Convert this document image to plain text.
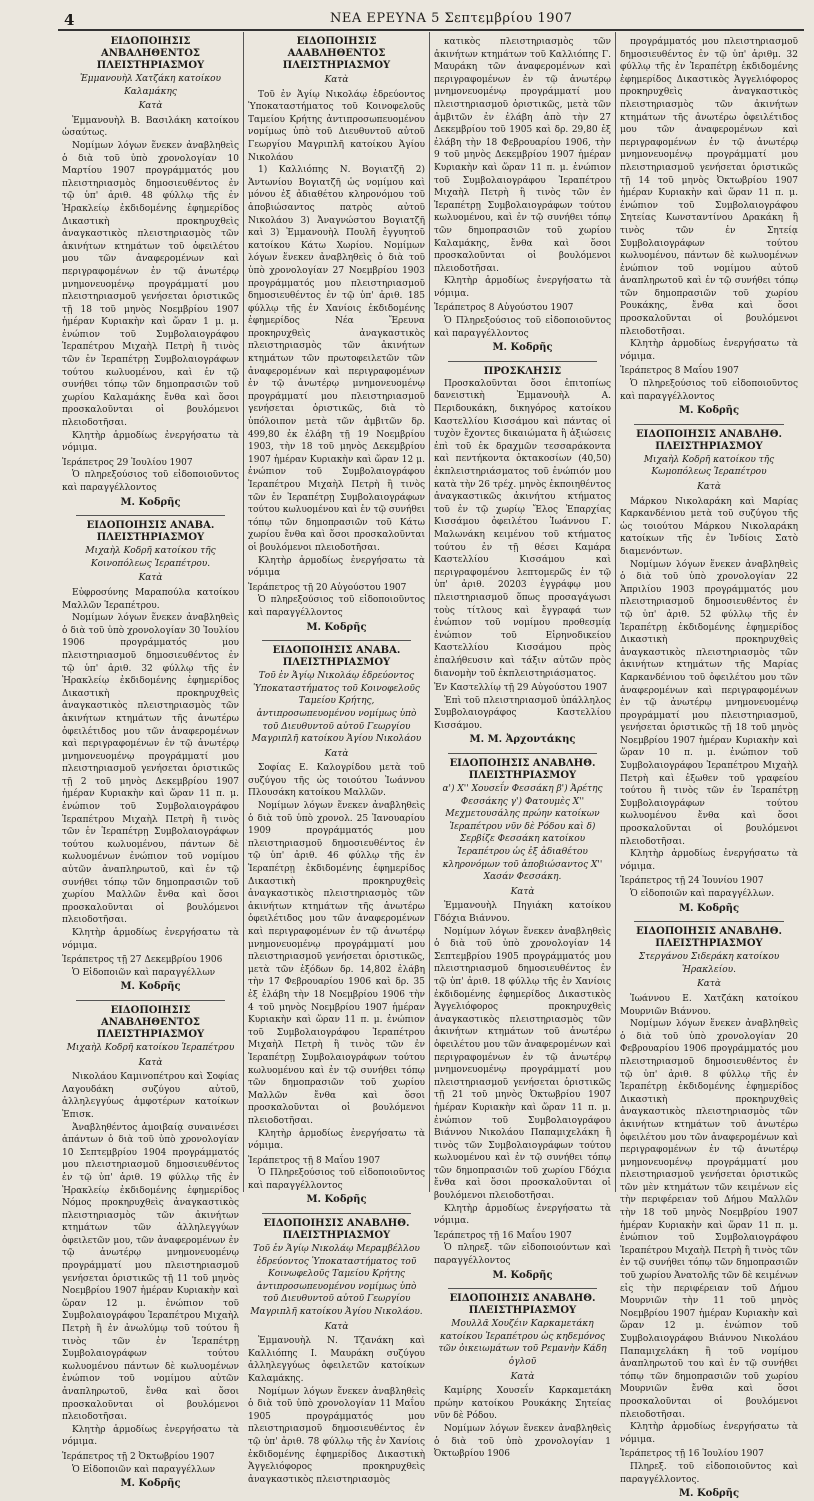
4	ΝΕΑ ΕΡΕΥΝΑ 5 Σεπτεμβρίου 1907
ΕΙΔΟΠΟΙΗΣΙΣ ΑΝΒΑΛΗΘΕΝΤΟΣ ΠΛΕΙΣΤΗΡΙΑΣΜΟΥ
Ἐμμανουὴλ Χατζάκη κατοίκου Καλαμάκης
Κατὰ
Ἐμμανουὴλ Β. Βασιλάκη κατοίκου ὡσαύτως.
Νομίμων λόγων ἕνεκεν ἀναβληθεὶς ὁ διὰ τοῦ ὑπὸ χρονολογίαν 10 Μαρτίου 1907 προγράμματός μου πλειστηριασμὸς δημοσιευθέντος ἐν τῷ ὑπ' ἀριθ. 48 φύλλῳ τῆς ἐν Ἡρακλείῳ ἐκδιδομένης ἐφημερίδος Δικαστικὴ προκηρυχθεὶς ἀναγκαστικὸς πλειστηριασμὸς τῶν ἀκινήτων κτημάτων τοῦ ὀφειλέτου μου τῶν ἀναφερομένων καὶ περιγραφομένων ἐν τῷ ἀνωτέρῳ μνημονευομένῳ προγράμματί μου πλειστηριασμοῦ γενήσεται ὁριστικῶς τῇ 18 τοῦ μηνὸς Νοεμβρίου 1907 ἡμέραν Κυριακὴν καὶ ὥραν 1 μ. μ. ἐνώπιον τοῦ Συμβολαιογράφου Ἱεραπέτρου Μιχαὴλ Πετρὴ ἢ τινὸς τῶν ἐν Ἱεραπέτρῃ Συμβολαιογράφων τούτου κωλυομένου, καὶ ἐν τῷ συνήθει τόπῳ τῶν δημοπρασιῶν τοῦ χωρίου Καλαμάκης ἔνθα καὶ ὅσοι προσκαλοῦνται οἱ βουλόμενοι πλειοδοτῆσαι.
Κλητὴρ ἁρμοδίως ἐνεργήσατω τὰ νόμιμα.
Ἱεράπετρος 29 Ἰουλίου 1907
Ὁ πληρεξούσιος τοῦ εἰδοποιοῦντος καὶ παραγγέλλοντος
Μ. Κοδρῆς
ΕΙΔΟΠΟΙΗΣΙΣ ΑΝΑΒΑ. ΠΛΕΙΣΤΗΡΙΑΣΜΟΥ
Μιχαὴλ Κοδρῆ κατοίκου τῆς Κοινοπόλεως Ἱεραπέτρου.
Κατὰ
Εὐφροσύνης Μαραπούλα κατοίκου Μαλλῶν Ἱεραπέτρου.
Νομίμων λόγων ἕνεκεν ἀναβληθεὶς ὁ διὰ τοῦ ὑπὸ χρονολογίαν 30 Ἰουλίου 1906 προγράμματός μου πλειστηριασμοῦ δημοσιευθέντος ἐν τῷ ὑπ' ἀριθ. 32 φύλλῳ τῆς ἐν Ἡρακλείῳ ἐκδιδομένης ἐφημερίδος Δικαστικὴ προκηρυχθεὶς ἀναγκαστικὸς πλειστηριασμὸς τῶν ἀκινήτων κτημάτων τῆς ἀνωτέρω ὀφειλέτιδος μου τῶν ἀναφερομένων καὶ περιγραφομένων ἐν τῷ ἀνωτέρῳ μνημονευομένῳ προγράμματί μου πλειστηριασμοῦ γενήσεται ὁριστικῶς τῇ 2 τοῦ μηνὸς Δεκεμβρίου 1907 ἡμέραν Κυριακὴν καὶ ὥραν 11 π. μ. ἐνώπιον τοῦ Συμβολαιογράφου Ἱεραπέτρου Μιχαὴλ Πετρὴ ἢ τινὸς τῶν ἐν Ἱεραπέτρῃ Συμβολαιογράφων τούτου κωλυομένου, πάντων δὲ κωλυομένων ἐνώπιον τοῦ νομίμου αὐτῶν ἀναπληρωτοῦ, καὶ ἐν τῷ συνήθει τόπῳ τῶν δημοπρασιῶν τοῦ χωρίου Μαλλῶν ἔνθα καὶ ὅσοι προσκαλοῦνται οἱ βουλόμενοι πλειοδοτῆσαι.
Κλητὴρ ἁρμοδίως ἐνεργήσατω τὰ νόμιμα.
Ἱεράπετρος τῇ 27 Δεκεμβρίου 1906
Ὁ Εἰδοποιῶν καὶ παραγγέλλων
Μ. Κοδρῆς
ΕΙΔΟΠΟΙΗΣΙΣ ΑΝΑΒΛΗΘΕΝΤΟΣ ΠΛΕΙΣΤΗΡΙΑΣΜΟΥ
Μιχαὴλ Κοδρῆ κατοίκου Ἱεραπέτρου
Κατὰ
Νικολάου Καμινοπέτρου καὶ Σοφίας Λαγουδάκη συζύγου αὐτοῦ, ἀλληλεγγύως ἀμφοτέρων κατοίκων Ἐπισκ.
Ἀναβληθέντος ἀμοιβαίᾳ συναινέσει ἀπάντων ὁ διὰ τοῦ ὑπὸ χρονολογίαν 10 Σεπτεμβρίου 1904 προγράμματός μου πλειστηριασμοῦ δημοσιευθέντος ἐν τῷ ὑπ' ἀριθ. 19 φύλλῳ τῆς ἐν Ἡρακλείῳ ἐκδιδομένης ἐφημερίδος Νόμος προκηρυχθεὶς ἀναγκαστικὸς πλειστηριασμὸς τῶν ἀκινήτων κτημάτων τῶν ἀλληλεγγύων ὀφειλετῶν μου, τῶν ἀναφερομένων ἐν τῷ ἀνωτέρῳ μνημονευομένῳ προγράμματί μου πλειστηριασμοῦ γενήσεται ὁριστικῶς τῇ 11 τοῦ μηνὸς Νοεμβρίου 1907 ἡμέραν Κυριακὴν καὶ ὥραν 12 μ. ἐνώπιον τοῦ Συμβολαιογράφου Ἱεραπέτρου Μιχαὴλ Πετρὴ ἢ ἐν ἀνωλύμῳ τοῦ τούτου ἢ τινὸς τῶν ἐν Ἱεραπέτρῃ Συμβολαιογράφων τούτου κωλυομένου πάντων δὲ κωλυομένων ἐνώπιον τοῦ νομίμου αὐτῶν ἀναπληρωτοῦ, ἔνθα καὶ ὅσοι προσκαλοῦνται οἱ βουλόμενοι πλειοδοτῆσαι.
Κλητὴρ ἁρμοδίως ἐνεργήσατω τὰ νόμιμα.
Ἱεράπετρος τῇ 2 Ὀκτωβρίου 1907
Ὁ Εἰδοποιῶν καὶ παραγγέλλων
Μ. Κοδρῆς
ΕΙΔΟΠΟΙΗΣΙΣ ΑΑΑΒΛΗΘΕΝΤΟΣ ΠΛΕΙΣΤΗΡΙΑΣΜΟΥ
Κατὰ
Τοῦ ἐν Ἁγίῳ Νικολάῳ ἑδρεύοντος Ὑποκαταστήματος τοῦ Κοινοφελοῦς Ταμείου Κρήτης ἀντιπροσωπευομένου νομίμως ὑπὸ τοῦ Διευθυντοῦ αὐτοῦ Γεωργίου Μαγριπλῆ κατοίκου Ἁγίου Νικολάου
1) Καλλιόπης Ν. Βογιατζῆ 2) Ἀντωνίου Βογιατζῆ ὡς νομίμου καὶ μόνου ἐξ ἀδιαθέτου κληρονόμου τοῦ ἀποβιώσαντος πατρὸς αὐτοῦ Νικολάου 3) Ἀναγνώστου Βογιατζῆ καὶ 3) Ἐμμανουὴλ Πουλῆ ἐγγυητοῦ κατοίκου Κάτω Χωρίου. Νομίμων λόγων ἕνεκεν ἀναβληθεὶς ὁ διὰ τοῦ ὑπὸ χρονολογίαν 27 Νοεμβρίου 1903 προγράμματός μου πλειστηριασμοῦ δημοσιευθέντος ἐν τῷ ὑπ' ἀριθ. 185 φύλλῳ τῆς ἐν Χανίοις ἐκδιδομένης ἐφημερίδος Νέα Ἔρευνα προκηρυχθεὶς ἀναγκαστικὸς πλειστηριασμὸς τῶν ἀκινήτων κτημάτων τῶν πρωτοφειλετῶν τῶν ἀναφερομένων καὶ περιγραφομένων ἐν τῷ ἀνωτέρῳ μνημονευομένῳ προγράμματί μου πλειστηριασμοῦ γενήσεται ὁριστικῶς, διὰ τὸ ὑπόλοιπον μετὰ τῶν ἀμβιτῶν δρ. 499,80 ἐκ ἐλάβη τῇ 19 Νοεμβρίου 1903, τὴν 18 τοῦ μηνὸς Δεκεμβρίου 1907 ἡμέραν Κυριακὴν καὶ ὥραν 12 μ. ἐνώπιον τοῦ Συμβολαιογράφου Ἱεραπέτρου Μιχαὴλ Πετρὴ ἢ τινὸς τῶν ἐν Ἱεραπέτρῃ Συμβολαιογράφων τούτου κωλυομένου καὶ ἐν τῷ συνήθει τόπῳ τῶν δημοπρασιῶν τοῦ Κάτω χωρίου ἔνθα καὶ ὅσοι προσκαλοῦνται οἱ βουλόμενοι πλειοδοτῆσαι.
Κλητὴρ ἁρμοδίως ἐνεργήσατω τὰ νόμιμα
Ἱεράπετρος τῇ 20 Αὐγούστου 1907
Ὁ πληρεξούσιος τοῦ εἰδοποιοῦντος καὶ παραγγέλλοντος
Μ. Κοδρῆς
ΕΙΔΟΠΟΙΗΣΙΣ ΑΝΑΒΑ. ΠΛΕΙΣΤΗΡΙΑΣΜΟΥ
Τοῦ ἐν Ἁγίῳ Νικολάῳ ἑδρεύοντος Ὑποκαταστήματος τοῦ Κοινοφελοῦς Ταμείου Κρήτης, ἀντιπροσωπευομένου νομίμως ὑπὸ τοῦ Διευθυντοῦ αὐτοῦ Γεωργίου Μαγριπλῆ κατοίκου Ἁγίου Νικολάου
Κατὰ
Σοφίας Ε. Καλογρίδου μετὰ τοῦ συζύγου τῆς ὡς τοιούτου Ἰωάννου Πλουσάκη κατοίκου Μαλλῶν.
Νομίμων λόγων ἕνεκεν ἀναβληθεὶς ὁ διὰ τοῦ ὑπὸ χρονολ. 25 Ἰανουαρίου 1909 προγράμματός μου πλειστηριασμοῦ δημοσιευθέντος ἐν τῷ ὑπ' ἀριθ. 46 φύλλῳ τῆς ἐν Ἱεραπέτρῃ ἐκδιδομένης ἐφημερίδος Δικαστικὴ προκηρυχθεὶς ἀναγκαστικὸς πλειστηριασμὸς τῶν ἀκινήτων κτημάτων τῆς ἀνωτέρω ὀφειλέτιδος μου τῶν ἀναφερομένων καὶ περιγραφομένων ἐν τῷ ἀνωτέρῳ μνημονευομένῳ προγράμματί μου πλειστηριασμοῦ γενήσεται ὁριστικῶς, μετὰ τῶν ἐξόδων δρ. 14,802 ἐλάβη τὴν 17 Φεβρουαρίου 1906 καὶ δρ. 35 ἐξ ἐλάβη τὴν 18 Νοεμβρίου 1906 τὴν 4 τοῦ μηνὸς Νοεμβρίου 1907 ἡμέραν Κυριακὴν καὶ ὥραν 11 π. μ. ἐνώπιον τοῦ Συμβολαιογράφου Ἱεραπέτρου Μιχαὴλ Πετρὴ ἢ τινὸς τῶν ἐν Ἱεραπέτρῃ Συμβολαιογράφων τούτου κωλυομένου καὶ ἐν τῷ συνήθει τόπῳ τῶν δημοπρασιῶν τοῦ χωρίου Μαλλῶν ἔνθα καὶ ὅσοι προσκαλοῦνται οἱ βουλόμενοι πλειοδοτῆσαι.
Κλητὴρ ἁρμοδίως ἐνεργήσατω τὰ νόμιμα.
Ἱεράπετρος τῇ 8 Μαΐου 1907
Ὁ Πληρεξούσιος τοῦ εἰδοποιοῦντος καὶ παραγγέλλοντος
Μ. Κοδρῆς
ΕΙΔΟΠΟΙΗΣΙΣ ΑΝΑΒΛΗΘ. ΠΛΕΙΣΤΗΡΙΑΣΜΟΥ
Τοῦ ἐν Ἁγίῳ Νικολάῳ Μεραμβέλλου ἑδρεύοντος Ὑποκαταστήματος τοῦ Κοινωφελοῦς Ταμείου Κρήτης ἀντιπροσωπευομένου νομίμως ὑπὸ τοῦ Διευθυντοῦ αὐτοῦ Γεωργίου Μαγριπλῆ κατοίκου Ἁγίου Νικολάου.
Κατὰ
Ἐμμανουὴλ Ν. Τζανάκη καὶ Καλλιόπης Ι. Μαυράκη συζύγου ἀλληλεγγύως ὀφειλετῶν κατοίκων Καλαμάκης.
Νομίμων λόγων ἕνεκεν ἀναβληθεὶς ὁ διὰ τοῦ ὑπὸ χρονολογίαν 11 Μαΐου 1905 προγράμματός μου πλειστηριασμοῦ δημοσιευθέντος ἐν τῷ ὑπ' ἀριθ. 78 φύλλῳ τῆς ἐν Χανίοις ἐκδιδομένης ἐφημερίδος Δικαστικὴ Ἀγγελιόφορος προκηρυχθεὶς ἀναγκαστικὸς πλειστηριασμὸς
κατικὸς πλειστηριασμὸς τῶν ἀκινήτων κτημάτων τοῦ Καλλιόπης Γ. Μαυράκη τῶν ἀναφερομένων καὶ περιγραφομένων ἐν τῷ ἀνωτέρῳ μνημονευομένῳ προγράμματί μου πλειστηριασμοῦ ὁριστικῶς, μετὰ τῶν ἀμβιτῶν ἐν ἐλάβη ἀπὸ τὴν 27 Δεκεμβρίου τοῦ 1905 καὶ δρ. 29,80 ἐξ ἐλάβη τὴν 18 Φεβρουαρίου 1906, τὴν 9 τοῦ μηνὸς Δεκεμβρίου 1907 ἡμέραν Κυριακὴν καὶ ὥραν 11 π. μ. ἐνώπιον τοῦ Συμβολαιογράφου Ἱεραπέτρου Μιχαὴλ Πετρὴ ἢ τινὸς τῶν ἐν Ἱεραπέτρῃ Συμβολαιογράφων τούτου κωλυομένου, καὶ ἐν τῷ συνήθει τόπῳ τῶν δημοπρασιῶν τοῦ χωρίου Καλαμάκης, ἔνθα καὶ ὅσοι προσκαλοῦνται οἱ βουλόμενοι πλειοδοτῆσαι.
Κλητὴρ ἁρμοδίως ἐνεργήσατω τὰ νόμιμα.
Ἱεράπετρος 8 Αὐγούστου 1907
Ὁ Πληρεξούσιος τοῦ εἰδοποιοῦντος καὶ παραγγέλλοντος
Μ. Κοδρῆς
ΠΡΟΣΚΛΗΣΙΣ
Προσκαλοῦνται ὅσοι ἐπιτοπίως δανειστικὴ Ἐμμανουὴλ Α. Περιδουκάκη, δικηγόρος κατοίκου Καστελλίου Κισσάμου καὶ πάντας οἱ τυχὸν ἔχοντες δικαιώματα ἢ ἀξιώσεις ἐπὶ τοῦ ἐκ δραχμῶν τεσσαράκοντα καὶ πεντήκοντα ὀκτακοσίων (40,50) ἐκπλειστηριάσματος τοῦ ἐνώπιόν μου κατὰ τὴν 26 τρέχ. μηνὸς ἐκποιηθέντος ἀναγκαστικῶς ἀκινήτου κτήματος τοῦ ἐν τῷ χωρίῳ Ἔλος Ἐπαρχίας Κισσάμου ὀφειλέτου Ἰωάννου Γ. Μαλωνάκη κειμένου τοῦ κτήματος τούτου ἐν τῇ θέσει Καμάρα Καστελλίου Κισσάμου καὶ περιγραφομένου λεπτομερῶς ἐν τῷ ὑπ' ἀριθ. 20203 ἐγγράφῳ μου πλειστηριασμοῦ ὅπως προσαγάγωσι τοὺς τίτλους καὶ ἔγγραφά των ἐνώπιον τοῦ νομίμου προθεσμίᾳ ἐνώπιον τοῦ Εἰρηνοδικείου Καστελλίου Κισσάμου πρὸς ἐπαλήθευσιν καὶ τάξιν αὐτῶν πρὸς διανομὴν τοῦ ἐκπλειστηριάσματος.
Ἐν Καστελλίῳ τῇ 29 Αὐγούστου 1907
Ἐπὶ τοῦ πλειστηριασμοῦ ὑπάλληλος Συμβολαιογράφος Καστελλίου Κισσάμου.
Μ. Μ. Ἀρχοντάκης
ΕΙΔΟΠΟΙΗΣΙΣ ΑΝΑΒΛΗΘ. ΠΛΕΙΣΤΗΡΙΑΣΜΟΥ
α') Χ'' Χουσεΐν Φεσσάκη β') Ἀρέτης Φεσσάκης γ') Φατουμὲς Χ'' Μεχμετουσάλης πρώην κατοίκων Ἱεραπέτρου νῦν δὲ Ρόδου καὶ δ) Σερβίζε Φεσσάκη κατοίκου Ἱεραπέτρου ὡς ἐξ ἀδιαθέτου κληρονόμων τοῦ ἀποβιώσαντος Χ'' Χασάν Φεσσάκη.
Κατὰ
Ἐμμανουὴλ Πηγιάκη κατοίκου Γδόχια Βιάννου.
Νομίμων λόγων ἕνεκεν ἀναβληθεὶς ὁ διὰ τοῦ ὑπὸ χρονολογίαν 14 Σεπτεμβρίου 1905 προγράμματός μου πλειστηριασμοῦ δημοσιευθέντος ἐν τῷ ὑπ' ἀριθ. 18 φύλλῳ τῆς ἐν Χανίοις ἐκδιδομένης ἐφημερίδος Δικαστικὸς Ἀγγελιόφορος προκηρυχθεὶς ἀναγκαστικὸς πλειστηριασμὸς τῶν ἀκινήτων κτημάτων τοῦ ἀνωτέρω ὀφειλέτου μου τῶν ἀναφερομένων καὶ περιγραφομένων ἐν τῷ ἀνωτέρῳ μνημονευομένῳ προγράμματί μου πλειστηριασμοῦ γενήσεται ὁριστικῶς τῇ 21 τοῦ μηνὸς Ὀκτωβρίου 1907 ἡμέραν Κυριακὴν καὶ ὥραν 11 π. μ. ἐνώπιον τοῦ Συμβολαιογράφου Βιάννου Νικολάου Παπαμιχελάκη ἢ τινὸς τῶν Συμβολαιογράφων τούτου κωλυομένου καὶ ἐν τῷ συνήθει τόπῳ τῶν δημοπρασιῶν τοῦ χωρίου Γδόχια ἔνθα καὶ ὅσοι προσκαλοῦνται οἱ βουλόμενοι πλειοδοτῆσαι.
Κλητὴρ ἁρμοδίως ἐνεργήσατω τὰ νόμιμα.
Ἱεράπετρος τῇ 16 Μαΐου 1907
Ὁ πληρεξ. τῶν εἰδοποιούντων καὶ παραγγέλλοντος
Μ. Κοδρῆς
ΕΙΔΟΠΟΙΗΣΙΣ ΑΝΑΒΛΗΘ. ΠΛΕΙΣΤΗΡΙΑΣΜΟΥ
Μουλλᾶ Χουζέιν Καρκαμετάκη κατοίκου Ἱεραπέτρου ὡς κηδεμόνος τῶν ὀικειωμάτων τοῦ Ρεμανὴν Κάδη ὀγλοῦ
Κατὰ
Καμίρης Χουσεΐν Καρκαμετάκη πρώην κατοίκου Ρουκάκης Σητείας νῦν δὲ Ρόδου.
Νομίμων λόγων ἕνεκεν ἀναβληθεὶς ὁ διὰ τοῦ ὑπὸ χρονολογίαν 1 Ὀκτωβρίου 1906
προγράμματός μου πλειστηριασμοῦ δημοσιευθέντος ἐν τῷ ὑπ' ἀριθμ. 32 φύλλῳ τῆς ἐν Ἱεραπέτρῃ ἐκδιδομένης ἐφημερίδος Δικαστικὸς Ἀγγελιόφορος προκηρυχθεὶς ἀναγκαστικὸς πλειστηριασμὸς τῶν ἀκινήτων κτημάτων τῆς ἀνωτέρω ὀφειλέτιδος μου τῶν ἀναφερομένων καὶ περιγραφομένων ἐν τῷ ἀνωτέρῳ μνημονευομένῳ προγράμματί μου πλειστηριασμοῦ γενήσεται ὁριστικῶς τῇ 14 τοῦ μηνὸς Ὀκτωβρίου 1907 ἡμέραν Κυριακὴν καὶ ὥραν 11 π. μ. ἐνώπιον τοῦ Συμβολαιογράφου Σητείας Κωνσταντίνου Δρακάκη ἢ τινὸς τῶν ἐν Σητείᾳ Συμβολαιογράφων τούτου κωλυομένου, πάντων δὲ κωλυομένων ἐνώπιον τοῦ νομίμου αὐτοῦ ἀναπληρωτοῦ καὶ ἐν τῷ συνήθει τόπῳ τῶν δημοπρασιῶν τοῦ χωρίου Ρουκάκης, ἔνθα καὶ ὅσοι προσκαλοῦνται οἱ βουλόμενοι πλειοδοτῆσαι.
Κλητὴρ ἁρμοδίως ἐνεργήσατω τὰ νόμιμα.
Ἱεράπετρος 8 Μαΐου 1907
Ὁ πληρεξούσιος τοῦ εἰδοποιοῦντος καὶ παραγγέλλοντος
Μ. Κοδρῆς
ΕΙΔΟΠΟΙΗΣΙΣ ΑΝΑΒΛΗΘ. ΠΛΕΙΣΤΗΡΙΑΣΜΟΥ
Μιχαὴλ Κοδρῆ κατοίκου τῆς Κωμοπόλεως Ἱεραπέτρου
Κατὰ
Μάρκου Νικολαράκη καὶ Μαρίας Καρκανδένιου μετὰ τοῦ συζύγου τῆς ὡς τοιούτου Μάρκου Νικολαράκη κατοίκων τῆς ἐν Ἰνδίοις Σατὸ διαμενόντων.
Νομίμων λόγων ἕνεκεν ἀναβληθεὶς ὁ διὰ τοῦ ὑπὸ χρονολογίαν 22 Ἀπριλίου 1903 προγράμματός μου πλειστηριασμοῦ δημοσιευθέντος ἐν τῷ ὑπ' ἀριθ. 52 φύλλῳ τῆς ἐν Ἱεραπέτρῃ ἐκδιδομένης ἐφημερίδος Δικαστικὴ προκηρυχθεὶς ἀναγκαστικὸς πλειστηριασμὸς τῶν ἀκινήτων κτημάτων τῆς Μαρίας Καρκανδένιου τοῦ ὀφειλέτου μου τῶν ἀναφερομένων καὶ περιγραφομένων ἐν τῷ ἀνωτέρῳ μνημονευομένῳ προγράμματί μου πλειστηριασμοῦ, γενήσεται ὁριστικῶς τῇ 18 τοῦ μηνὸς Νοεμβρίου 1907 ἡμέραν Κυριακὴν καὶ ὥραν 10 π. μ. ἐνώπιον τοῦ Συμβολαιογράφου Ἱεραπέτρου Μιχαὴλ Πετρὴ καὶ ἐξωθεν τοῦ γραφείου τούτου ἢ τινὸς τῶν ἐν Ἱεραπέτρῃ Συμβολαιογράφων τούτου κωλυομένου ἔνθα καὶ ὅσοι προσκαλοῦνται οἱ βουλόμενοι πλειοδοτῆσαι.
Κλητὴρ ἁρμοδίως ἐνεργήσατω τὰ νόμιμα.
Ἱεράπετρος τῇ 24 Ἰουνίου 1907
Ὁ εἰδοποιῶν καὶ παραγγέλλων.
Μ. Κοδρῆς
ΕΙΔΟΠΟΙΗΣΙΣ ΑΝΑΒΛΗΘ. ΠΛΕΙΣΤΗΡΙΑΣΜΟΥ
Στεργάνου Σιδεράκη κατοίκου Ἡρακλείου.
Κατὰ
Ἰωάννου Ε. Χατζάκη κατοίκου Μουρνιῶν Βιάννου.
Νομίμων λόγων ἕνεκεν ἀναβληθεὶς ὁ διὰ τοῦ ὑπὸ χρονολογίαν 20 Φεβρουαρίου 1906 προγράμματός μου πλειστηριασμοῦ δημοσιευθέντος ἐν τῷ ὑπ' ἀριθ. 8 φύλλῳ τῆς ἐν Ἱεραπέτρῃ ἐκδιδομένης ἐφημερίδος Δικαστικὴ προκηρυχθεὶς ἀναγκαστικὸς πλειστηριασμὸς τῶν ἀκινήτων κτημάτων τοῦ ἀνωτέρω ὀφειλέτου μου τῶν ἀναφερομένων καὶ περιγραφομένων ἐν τῷ ἀνωτέρῳ μνημονευομένῳ προγράμματί μου πλειστηριασμοῦ γενήσεται ὁριστικῶς τῶν μὲν κτημάτων τῶν κειμένων εἰς τὴν περιφέρειαν τοῦ Δήμου Μαλλῶν τὴν 18 τοῦ μηνὸς Νοεμβρίου 1907 ἡμέραν Κυριακὴν καὶ ὥραν 11 π. μ. ἐνώπιον τοῦ Συμβολαιογράφου Ἱεραπέτρου Μιχαὴλ Πετρὴ ἢ τινὸς τῶν ἐν τῷ συνήθει τόπῳ τῶν δημοπρασιῶν τοῦ χωρίου Ἀνατολῆς τῶν δὲ κειμένων εἰς τὴν περιφέρειαν τοῦ Δήμου Μουρνιῶν τὴν 11 τοῦ μηνὸς Νοεμβρίου 1907 ἡμέραν Κυριακὴν καὶ ὥραν 12 μ. ἐνώπιον τοῦ Συμβολαιογράφου Βιάννου Νικολάου Παπαμιχελάκη ἢ τοῦ νομίμου ἀναπληρωτοῦ του καὶ ἐν τῷ συνήθει τόπῳ τῶν δημοπρασιῶν τοῦ χωρίου Μουρνιῶν ἔνθα καὶ ὅσοι προσκαλοῦνται οἱ βουλόμενοι πλειοδοτῆσαι.
Κλητὴρ ἁρμοδίως ἐνεργήσατω τὰ νόμιμα.
Ἱεράπετρος τῇ 16 Ἰουλίου 1907
Πληρεξ. τοῦ εἰδοποιοῦντος καὶ παραγγέλλοντος.
Μ. Κοδρῆς
